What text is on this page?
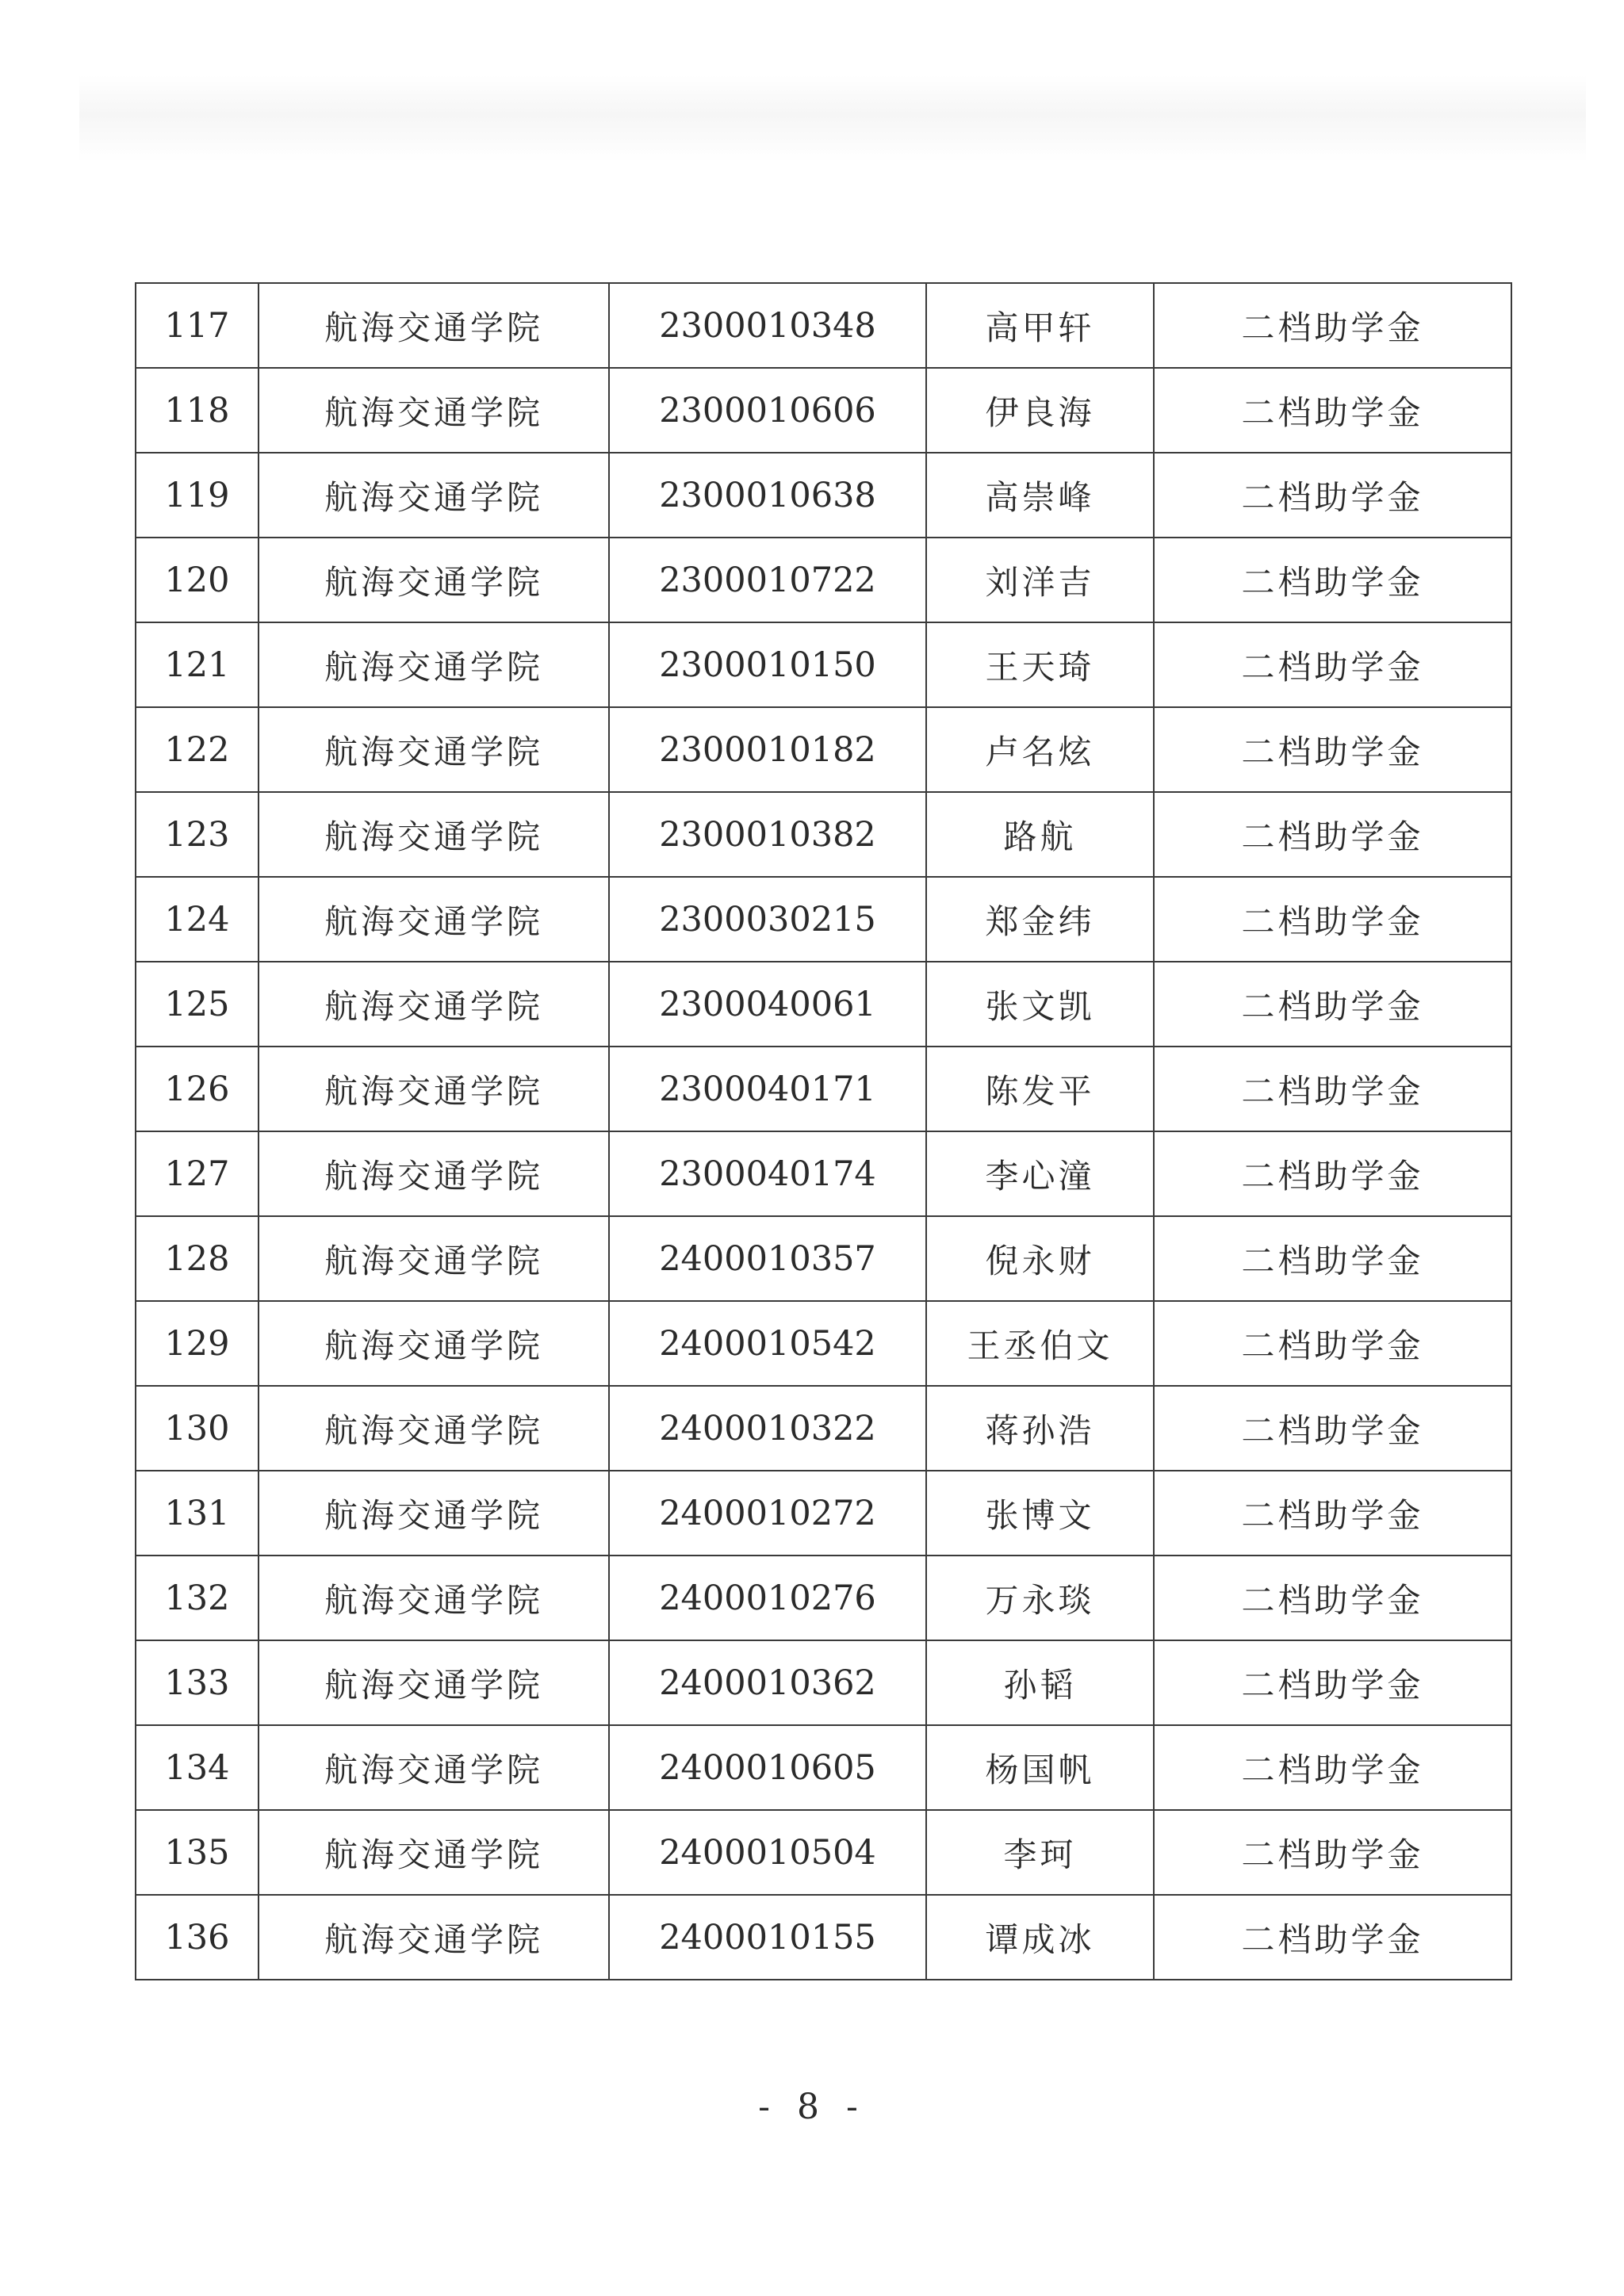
117	航海交通学院	2300010348	高甲轩	二档助学金
118	航海交通学院	2300010606	伊良海	二档助学金
119	航海交通学院	2300010638	高崇峰	二档助学金
120	航海交通学院	2300010722	刘洋吉	二档助学金
121	航海交通学院	2300010150	王天琦	二档助学金
122	航海交通学院	2300010182	卢名炫	二档助学金
123	航海交通学院	2300010382	路航	二档助学金
124	航海交通学院	2300030215	郑金纬	二档助学金
125	航海交通学院	2300040061	张文凯	二档助学金
126	航海交通学院	2300040171	陈发平	二档助学金
127	航海交通学院	2300040174	李心潼	二档助学金
128	航海交通学院	2400010357	倪永财	二档助学金
129	航海交通学院	2400010542	王丞伯文	二档助学金
130	航海交通学院	2400010322	蒋孙浩	二档助学金
131	航海交通学院	2400010272	张博文	二档助学金
132	航海交通学院	2400010276	万永琰	二档助学金
133	航海交通学院	2400010362	孙韬	二档助学金
134	航海交通学院	2400010605	杨国帆	二档助学金
135	航海交通学院	2400010504	李珂	二档助学金
136	航海交通学院	2400010155	谭成冰	二档助学金
- 8 -
